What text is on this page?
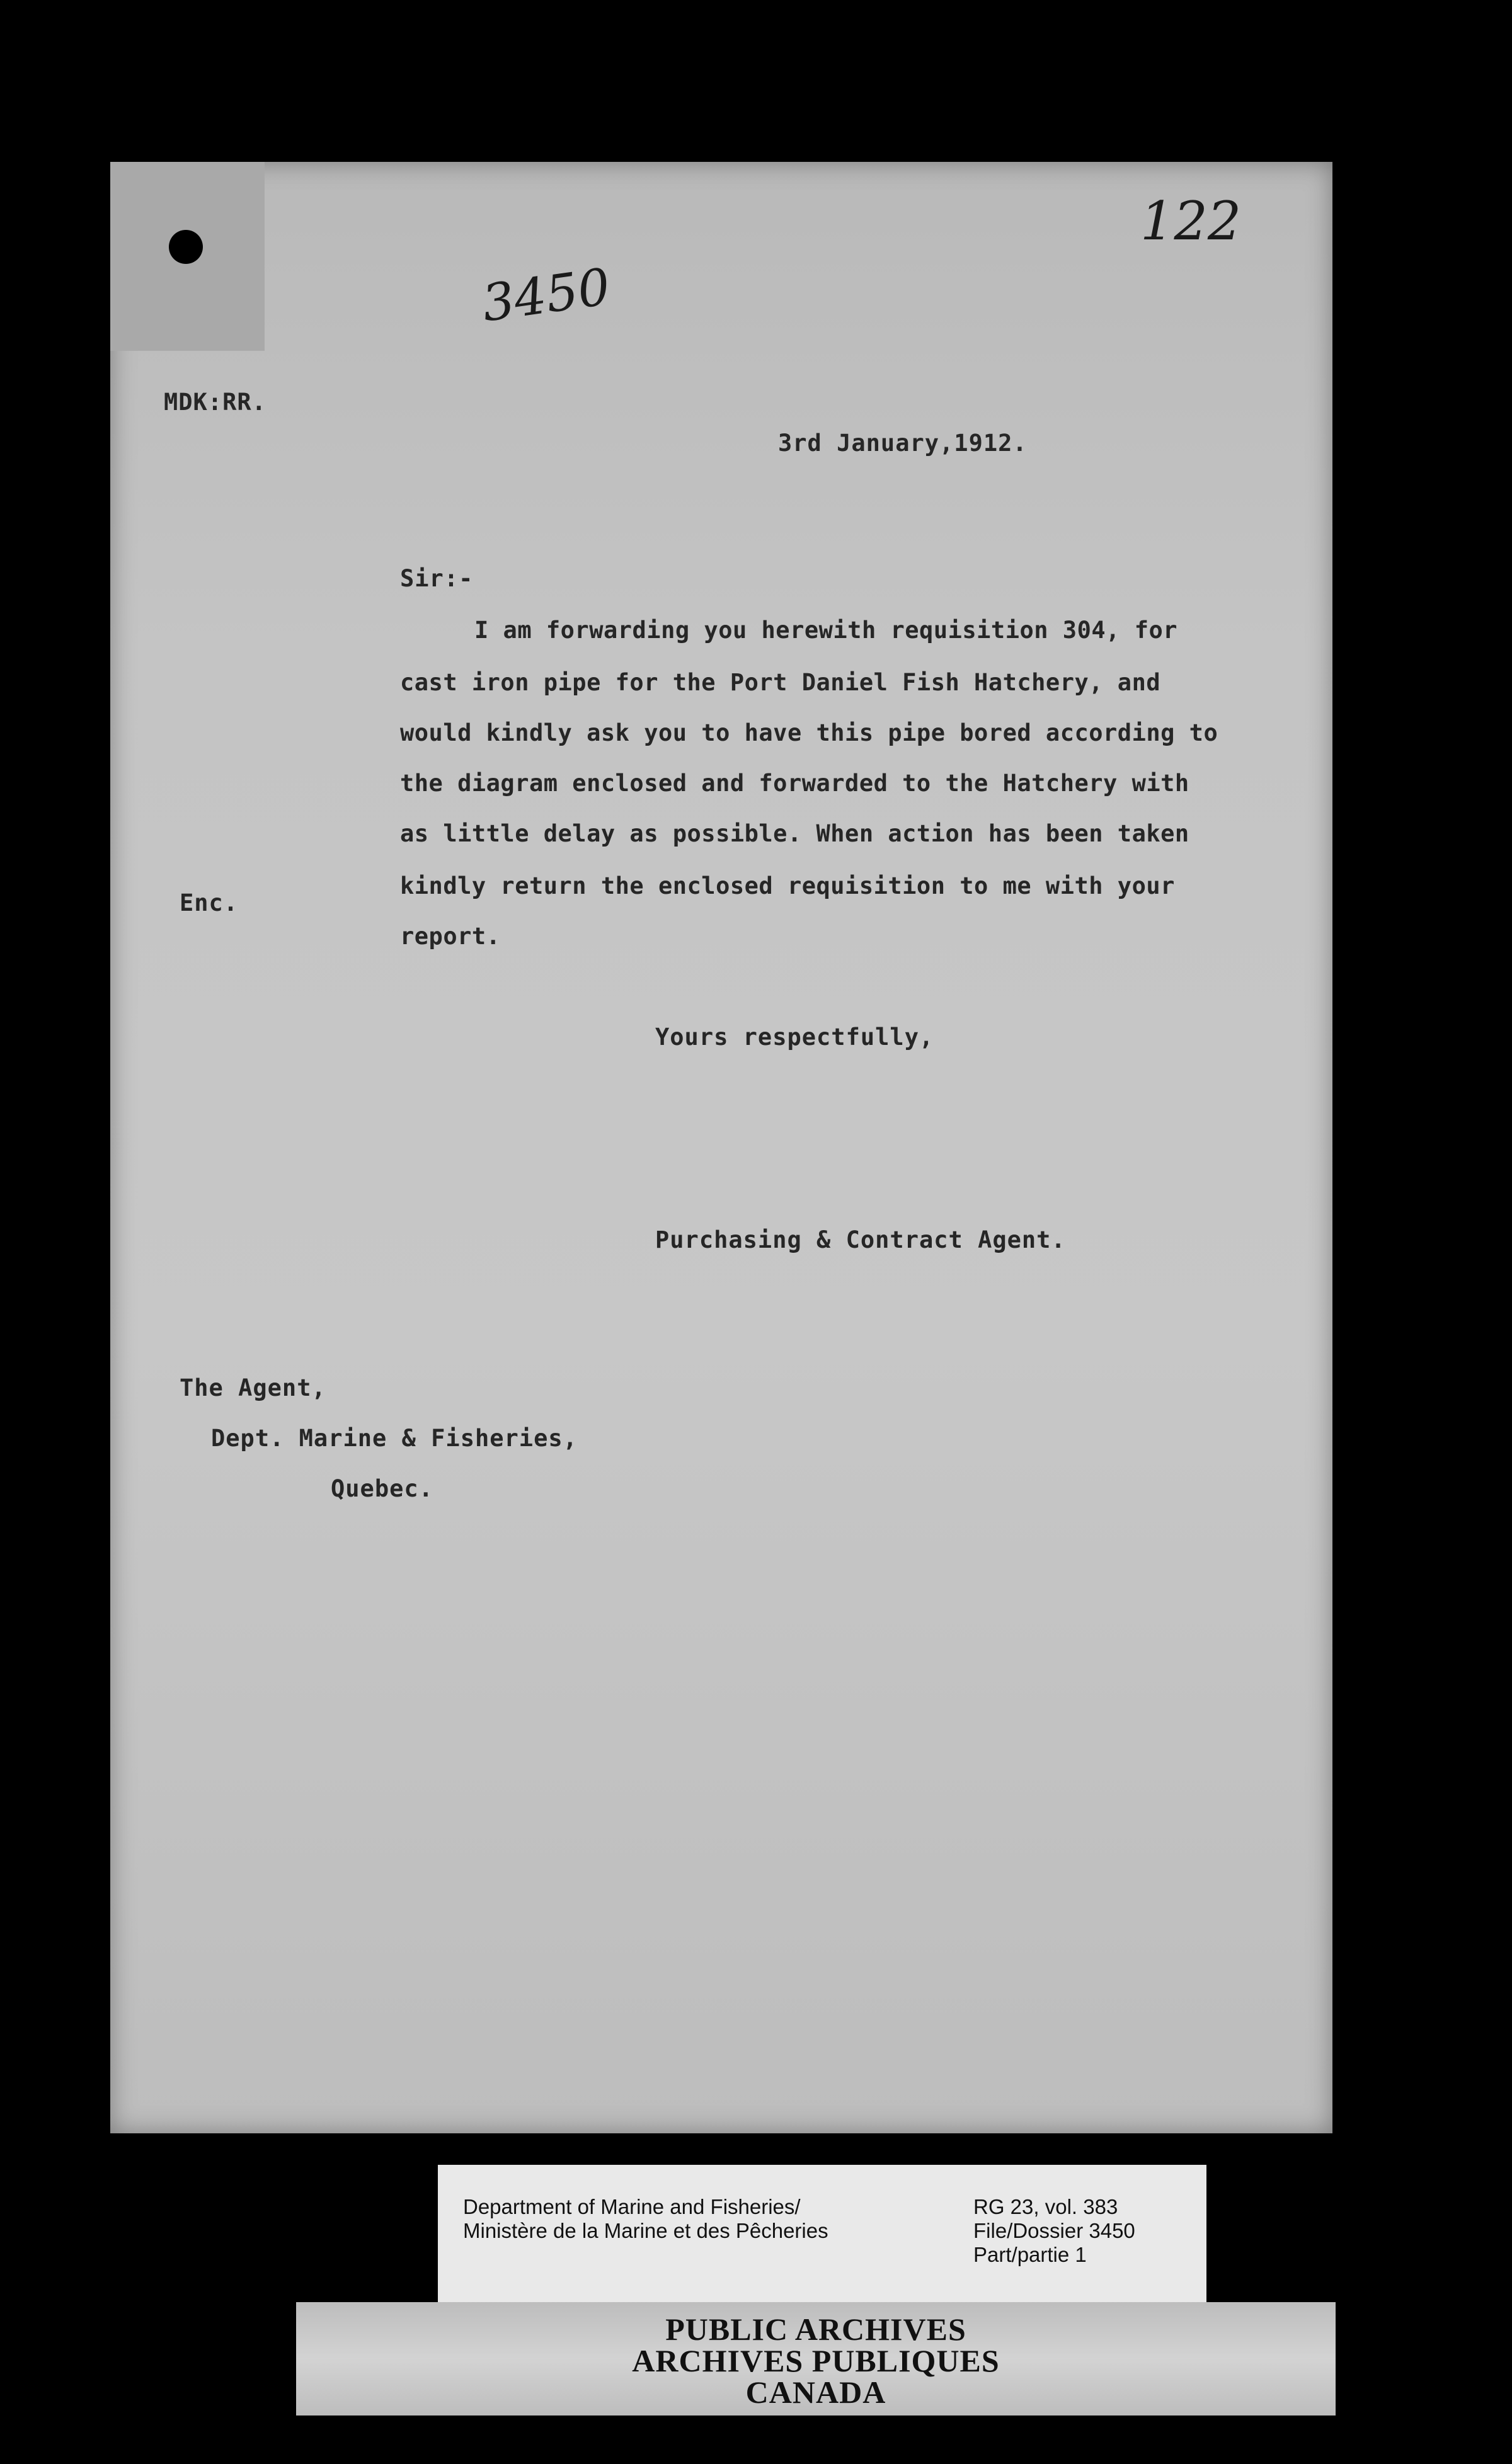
3450
122
MDK:RR.
3rd January,1912.
Sir:-
I am forwarding you herewith requisition 304, for
cast iron pipe for the Port Daniel Fish Hatchery, and
would kindly ask you to have this pipe bored according to
the diagram enclosed and forwarded to the Hatchery with
as little delay as possible. When action has been taken
kindly return the enclosed requisition to me with your
report.
Enc.
Yours respectfully,
Purchasing & Contract Agent.
The Agent,
Dept. Marine & Fisheries,
Quebec.
Department of Marine and Fisheries/
Ministère de la Marine et des Pêcheries
RG 23, vol. 383
File/Dossier 3450
Part/partie 1
PUBLIC ARCHIVES
ARCHIVES PUBLIQUES
CANADA
